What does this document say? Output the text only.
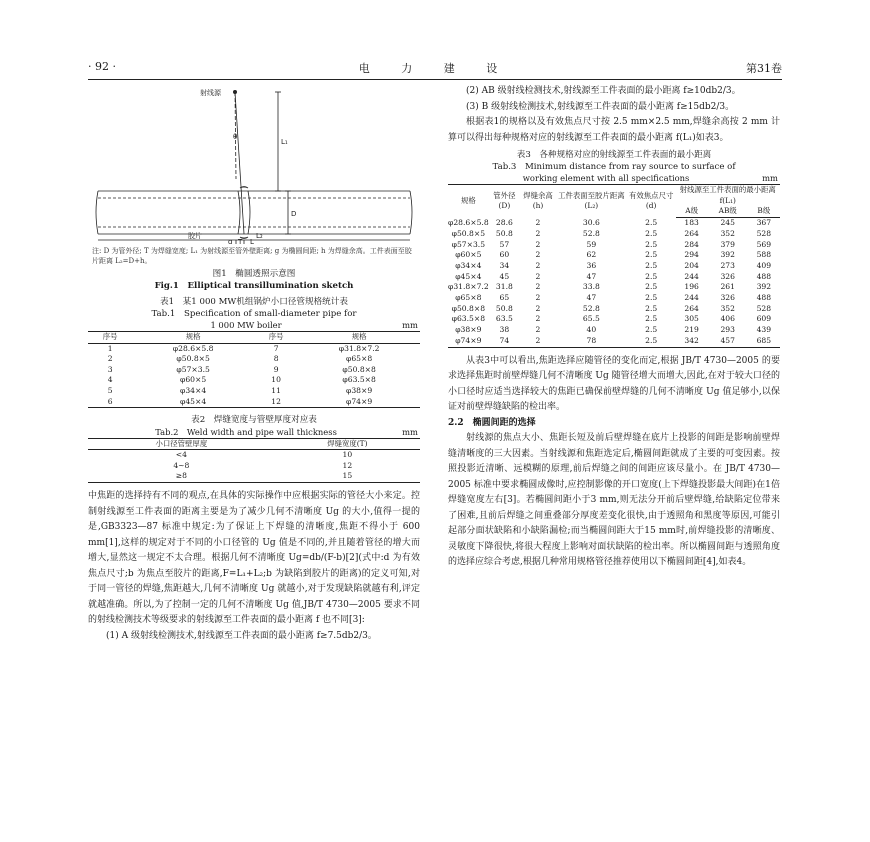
· 92 ·	电 力 建 设	第31卷
射线源
θ
L₁
D
胶片
g T L
L₂

注: D 为管外径; T 为焊缝宽度; L₁ 为射线源至管外壁距离; g 为椭圆间距; h 为焊缝余高。工件表面至胶片距离 L₂=D+h。

图1　椭圆透照示意图

Fig.1　Elliptical transillumination sketch

表1　某1 000 MW机组锅炉小口径管规格统计表

Tab.1　Specification of small-diameter pipe for

1 000 MW boiler	mm
序号	规格	序号	规格
1	φ28.6×5.8	7	φ31.8×7.2
2	φ50.8×5	8	φ65×8
3	φ57×3.5	9	φ50.8×8
4	φ60×5	10	φ63.5×8
5	φ34×4	11	φ38×9
6	φ45×4	12	φ74×9

表2　焊缝宽度与管壁厚度对应表

Tab.2　Weld width and pipe wall thickness	mm
小口径管壁厚度	焊缝宽度(T)
<4	10
4~8	12
≥8	15

中焦距的选择持有不同的观点,在具体的实际操作中应根据实际的管径大小来定。控制射线源至工件表面的距离主要是为了减少几何不清晰度 Ug 的大小,值得一提的是,GB3323—87 标准中规定:为了保证上下焊缝的清晰度,焦距不得小于 600 mm[1],这样的规定对于不同的小口径管的 Ug 值是不同的,并且随着管径的增大而增大,显然这一规定不太合理。根据几何不清晰度 Ug=db/(F-b)[2](式中:d 为有效焦点尺寸;b 为焦点至胶片的距离,F=L₁+L₂;b 为缺陷到胶片的距离)的定义可知,对于同一管径的焊缝,焦距越大,几何不清晰度 Ug 就越小,对于发现缺陷就越有利,评定就越准确。所以,为了控制一定的几何不清晰度 Ug 值,JB/T 4730—2005 要求不同的射线检测技术等级要求的射线源至工件表面的最小距离 f 也不同[3]:

(1) A 级射线检测技术,射线源至工件表面的最小距离 f≥7.5db2/3。

(2) AB 级射线检测技术,射线源至工件表面的最小距离 f≥10db2/3。

(3) B 级射线检测技术,射线源至工件表面的最小距离 f≥15db2/3。

根据表1的规格以及有效焦点尺寸按 2.5 mm×2.5 mm,焊缝余高按 2 mm 计算可以得出每种规格对应的射线源至工件表面的最小距离 f(L₁)如表3。

表3　各种规格对应的射线源至工件表面的最小距离

Tab.3　Minimum distance from ray source to surface of

working element with all specifications	mm
规格	管外径(D)	焊缝余高(h)	工件表面至胶片距离(L₂)	有效焦点尺寸(d)	射线源至工件表面的最小距离 f(L₁)		
					A级	AB级	B级
φ28.6×5.8	28.6	2	30.6	2.5	183	245	367
φ50.8×5	50.8	2	52.8	2.5	264	352	528
φ57×3.5	57	2	59	2.5	284	379	569
φ60×5	60	2	62	2.5	294	392	588
φ34×4	34	2	36	2.5	204	273	409
φ45×4	45	2	47	2.5	244	326	488
φ31.8×7.2	31.8	2	33.8	2.5	196	261	392
φ65×8	65	2	47	2.5	244	326	488
φ50.8×8	50.8	2	52.8	2.5	264	352	528
φ63.5×8	63.5	2	65.5	2.5	305	406	609
φ38×9	38	2	40	2.5	219	293	439
φ74×9	74	2	78	2.5	342	457	685

从表3中可以看出,焦距选择应随管径的变化而定,根据 JB/T 4730—2005 的要求选择焦距时前壁焊缝几何不清晰度 Ug 随管径增大而增大,因此,在对于较大口径的小口径时应适当选择较大的焦距已确保前壁焊缝的几何不清晰度 Ug 值足够小,以保证对前壁焊缝缺陷的检出率。

2.2　椭圆间距的选择

射线源的焦点大小、焦距长短及前后壁焊缝在底片上投影的间距是影响前壁焊缝清晰度的三大因素。当射线源和焦距选定后,椭圆间距就成了主要的可变因素。按照投影近清晰、远模糊的原理,前后焊缝之间的间距应该尽量小。在 JB/T 4730—2005 标准中要求椭圆成像时,应控制影像的开口宽度(上下焊缝投影最大间距)在1倍焊缝宽度左右[3]。若椭圆间距小于3 mm,则无法分开前后壁焊缝,给缺陷定位带来了困难,且前后焊缝之间重叠部分厚度差变化很快,由于透照角和黑度等原因,可能引起部分面状缺陷和小缺陷漏检;而当椭圆间距大于15 mm时,前焊缝投影的清晰度、灵敏度下降很快,将很大程度上影响对面状缺陷的检出率。所以椭圆间距与透照角度的选择应综合考虑,根据几种常用规格管径推荐使用以下椭圆间距[4],如表4。
